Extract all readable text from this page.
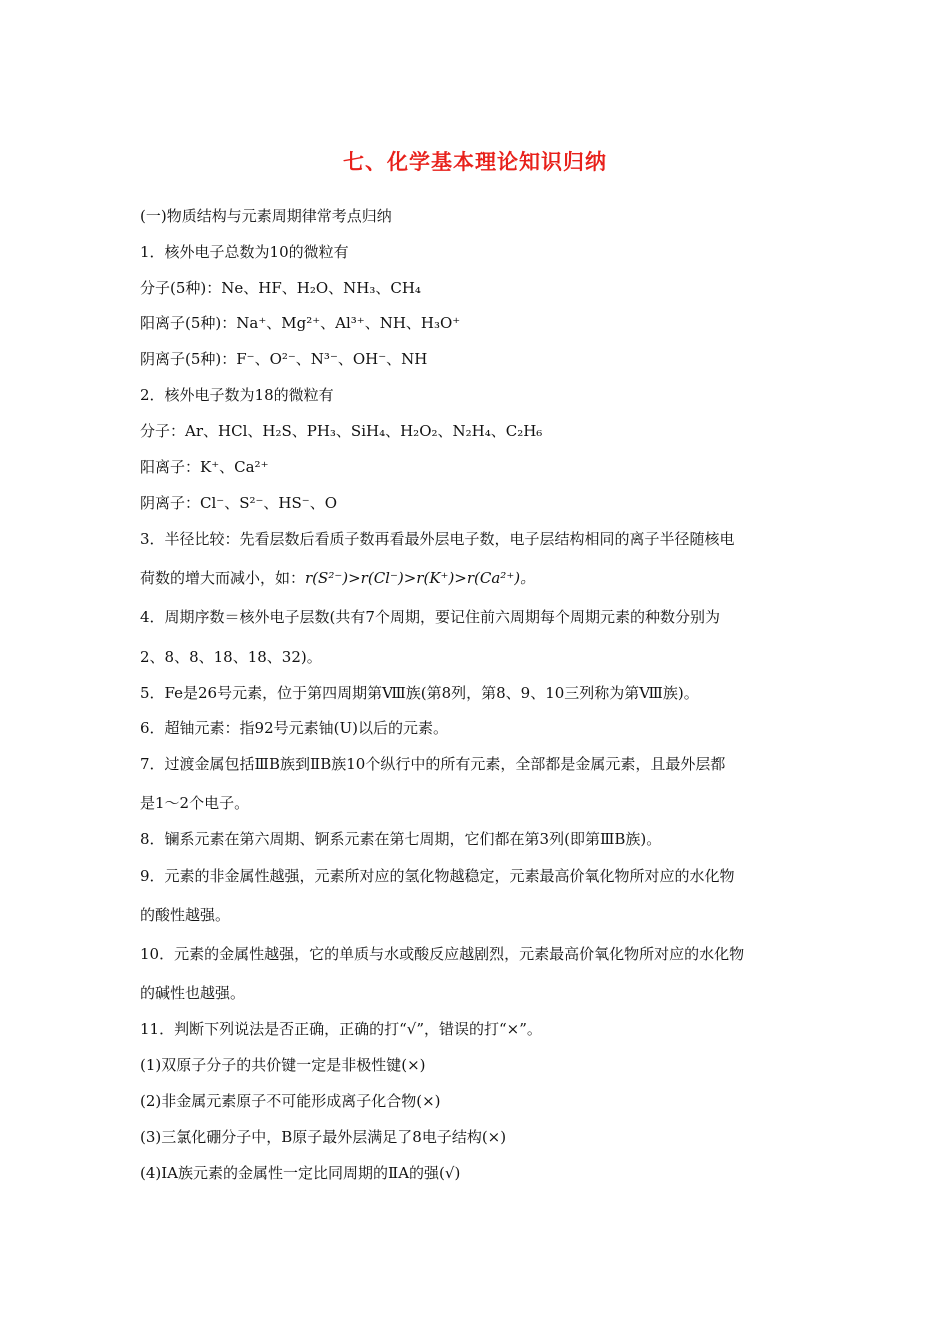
七、化学基本理论知识归纳
(一)物质结构与元素周期律常考点归纳
1．核外电子总数为10的微粒有
分子(5种)：Ne、HF、H₂O、NH₃、CH₄
阳离子(5种)：Na⁺、Mg²⁺、Al³⁺、NH、H₃O⁺
阴离子(5种)：F⁻、O²⁻、N³⁻、OH⁻、NH
2．核外电子数为18的微粒有
分子：Ar、HCl、H₂S、PH₃、SiH₄、H₂O₂、N₂H₄、C₂H₆
阳离子：K⁺、Ca²⁺
阴离子：Cl⁻、S²⁻、HS⁻、O
3．半径比较：先看层数后看质子数再看最外层电子数，电子层结构相同的离子半径随核电
荷数的增大而减小，如：r(S²⁻)>r(Cl⁻)>r(K⁺)>r(Ca²⁺)。
4．周期序数＝核外电子层数(共有7个周期，要记住前六周期每个周期元素的种数分别为
2、8、8、18、18、32)。
5．Fe是26号元素，位于第四周期第Ⅷ族(第8列，第8、9、10三列称为第Ⅷ族)。
6．超铀元素：指92号元素铀(U)以后的元素。
7．过渡金属包括ⅢB族到ⅡB族10个纵行中的所有元素，全部都是金属元素，且最外层都
是1～2个电子。
8．镧系元素在第六周期、锕系元素在第七周期，它们都在第3列(即第ⅢB族)。
9．元素的非金属性越强，元素所对应的氢化物越稳定，元素最高价氧化物所对应的水化物
的酸性越强。
10．元素的金属性越强，它的单质与水或酸反应越剧烈，元素最高价氧化物所对应的水化物
的碱性也越强。
11．判断下列说法是否正确，正确的打“√”，错误的打“×”。
(1)双原子分子的共价键一定是非极性键(×)
(2)非金属元素原子不可能形成离子化合物(×)
(3)三氯化硼分子中，B原子最外层满足了8电子结构(×)
(4)ⅠA族元素的金属性一定比同周期的ⅡA的强(√)
